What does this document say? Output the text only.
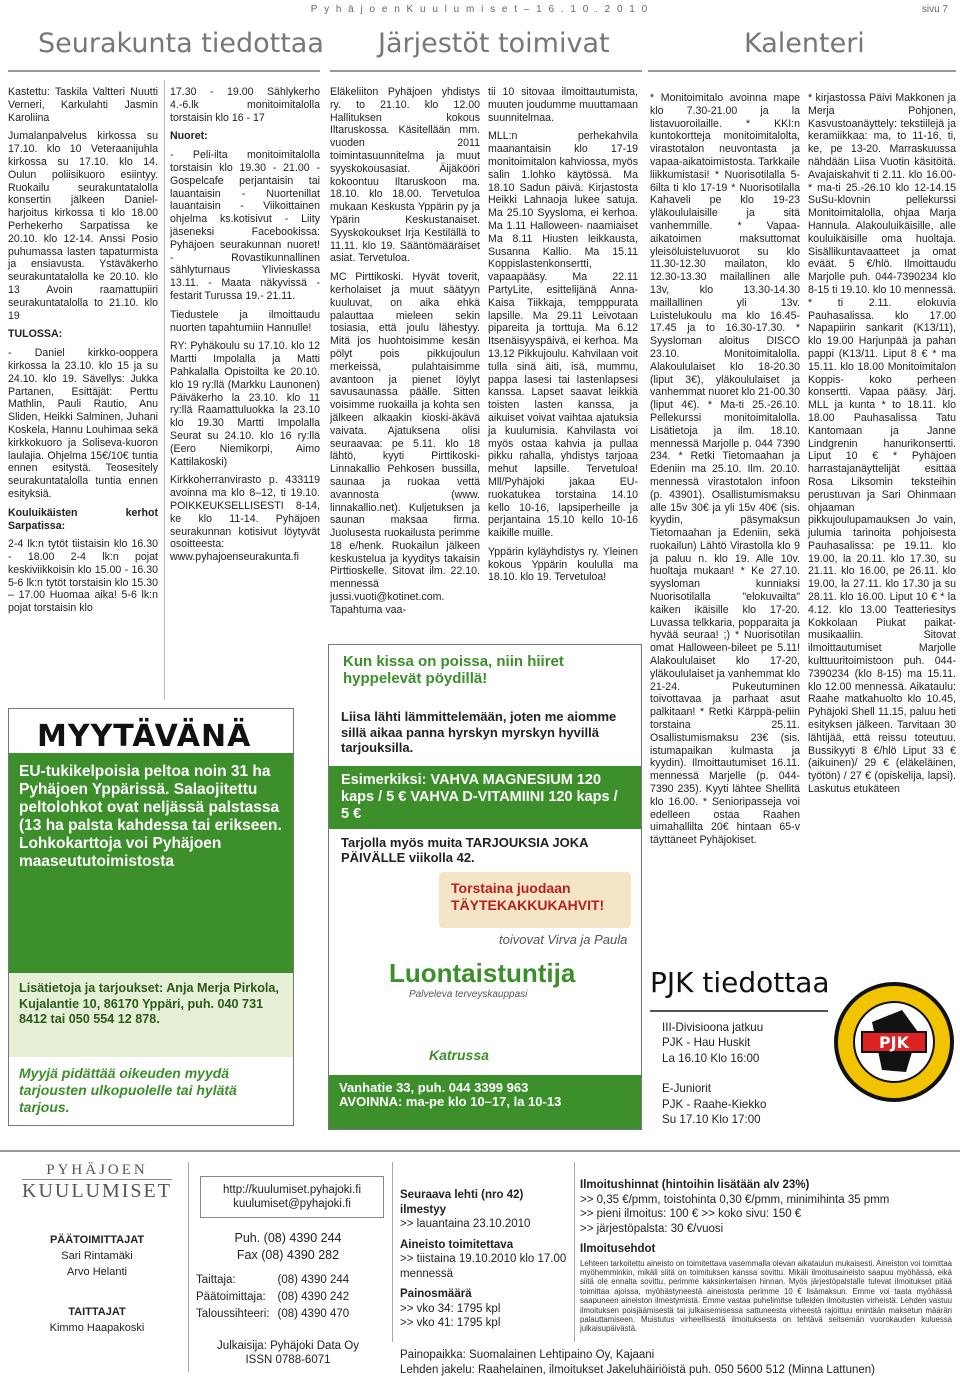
P y h ä j o e n K u u l u m i s e t – 1 6 . 1 0 . 2 0 1 0	sivu 7
Seurakunta tiedottaa Järjestöt toimivat	Kalenteri

Kastettu: Taskila Valtteri Nuutti Verneri, Karkulahti Jasmin Karoliina

Jumalanpalvelus kirkossa su 17.10. klo 10 Veteraanijuhla kirkossa su 17.10. klo 14. Oulun poliisikuoro esiintyy. Ruokailu seurakuntatalolla konsertin jälkeen Daniel-harjoitus kirkossa ti klo 18.00 Perhekerho Sarpatissa ke 20.10. klo 12-14. Anssi Posio puhumassa lasten tapaturmista ja ensiavusta. Ystäväkerho seurakuntatalolla ke 20.10. klo 13 Avoin raamattupiiri seurakuntatalolla to 21.10. klo 19

TULOSSA:

- Daniel kirkko-ooppera kirkossa la 23.10. klo 15 ja su 24.10. klo 19. Sävellys: Jukka Partanen, Esittäjät: Perttu Mathlin, Pauli Rautio, Anu Sliden, Heikki Salminen, Juhani Koskela, Hannu Louhimaa sekä kirkkokuoro ja Soliseva-kuoron laulajia. Ohjelma 15€/10€ tuntia ennen esitystä. Teosesitely seurakuntatalolla tuntia ennen esityksiä.

Kouluikäisten kerhot Sarpatissa:

2-4 lk:n tytöt tiistaisin klo 16.30 - 18.00 2-4 lk:n pojat keskiviikkoisin klo 15.00 - 16.30 5-6 lk:n tytöt torstaisin klo 15.30 – 17.00 Huomaa aika! 5-6 lk:n pojat torstaisin klo

17.30 - 19.00 Sählykerho 4.-6.lk monitoimitalolla torstaisin klo 16 - 17

Nuoret:

- Peli-ilta monitoimitalolla torstaisin klo 19.30 - 21.00 - Gospelcafe perjantaisin tai lauantaisin - Nuortenillat lauantaisin - Viikoittainen ohjelma ks.kotisivut - Liity jäseneksi Facebookissa: Pyhäjoen seurakunnan nuoret! - Rovastikunnallinen sählyturnaus Ylivieskassa 13.11. - Maata näkyvissä -festarit Turussa 19.- 21.11.

Tiedustele ja ilmoittaudu nuorten tapahtumiin Hannulle!

RY: Pyhäkoulu su 17.10. klo 12 Martti Impolalla ja Matti Pahkalalla Opistoilta ke 20.10. klo 19 ry:llä (Markku Launonen) Päiväkerho la 23.10. klo 11 ry:llä Raamattuluokka la 23.10 klo 19.30 Martti Impolalla Seurat su 24.10. klo 16 ry:llä (Eero Niemikorpi, Aimo Kattilakoski)

Kirkkoherranvirasto p. 433119 avoinna ma klo 8–12, ti 19.10. POIKKEUKSELLISESTI 8-14, ke klo 11-14. Pyhäjoen seurakunnan kotisivut löytyvät osoitteesta: www.pyhajoenseurakunta.fi

Eläkeliiton Pyhäjoen yhdistys ry. to 21.10. klo 12.00 Hallituksen kokous Iltaruskossa. Käsitellään mm. vuoden 2011 toimintasuunnitelma ja muut syyskokousasiat. Äijäkööri kokoontuu Iltaruskoon ma. 18.10. klo 18.00. Tervetuloa mukaan Keskusta Yppärin py ja Ypärin Keskustanaiset. Syyskokoukset Irja Kestilällä to 11.11. klo 19. Sääntömääräiset asiat. Tervetuloa.

MC Pirttikoski. Hyvät toverit, kerholaiset ja muut säätyyn kuuluvat, on aika ehkä palauttaa mieleen sekin tosiasia, että joulu lähestyy. Mitä jos huohtoisimme kesän pölyt pois pikkujoulun merkeissä, pulahtaisimme avantoon ja pienet löylyt savusaunassa päälle. Sitten voisimme ruokailla ja kohta sen jälkeen alkaakin kioski-äkävä vaivata. Ajatuksena olisi seuraavaa: pe 5.11. klo 18 lähtö, kyyti Pirttikoski-Linnakallio Pehkosen bussilla, saunaa ja ruokaa vettä avannosta (www. linnakallio.net). Kuljetuksen ja saunan maksaa firma. Juolusesta ruokailusta perimme 18 e/henk. Ruokailun jälkeen keskustelua ja kyyditys takaisin Pirttioskelle. Sitovat ilm. 22.10. mennessä jussi.vuoti@kotinet.com. Tapahtuma vaa-

tii 10 sitovaa ilmoittautumista, muuten joudumme muuttamaan suunnitelmaa.

MLL:n perhekahvila maanantaisin klo 17-19 monitoimitalon kahviossa, myös salin 1.lohko käytössä. Ma 18.10 Sadun päivä. Kirjastosta Heikki Lahnaoja lukee satuja. Ma 25.10 Syysloma, ei kerhoa. Ma 1.11 Halloween- naamiaiset Ma 8.11 Hiusten leikkausta, Susanna Kallio. Ma 15.11 Koppislastenkonsertti, vapaapääsy. Ma 22.11 PartyLite, esittelijänä Anna- Kaisa Tiikkaja, tempppurata lapsille. Ma 29.11 Leivotaan pipareita ja torttuja. Ma 6.12 Itsenäisyyspäivä, ei kerhoa. Ma 13.12 Pikkujoulu. Kahvilaan voit tulla sinä äiti, isä, mummu, pappa lasesi tai lastenlapsesi kanssa. Lapset saavat leikkiä toisten lasten kanssa, ja aikuiset voivat vaihtaa ajatuksia ja kuulumisia. Kahvilasta voi myös ostaa kahvia ja pullaa pikku rahalla, yhdistys tarjoaa mehut lapsille. Tervetuloa! Mll/Pyhäjoki jakaa EU-ruokatukea torstaina 14.10 kello 10-16, lapsiperheille ja perjantaina 15.10 kello 10-16 kaikille muille.

Yppärin kyläyhdistys ry. Yleinen kokous Yppärin koululla ma 18.10. klo 19. Tervetuloa!

* Monitoimitalo avoinna mape klo 7.30-21.00 ja la listavuoroilaille. * KKI:n kuntokortteja monitoimitalolta, virastotalon neuvontasta ja vapaa-aikatoimistosta. Tarkkaile liikkumistasi! * Nuorisotilalla 5-6ilta ti klo 17-19 * Nuorisotilalla Kahaveli pe klo 19-23 yläkoululaisille ja sitä vanhemmille. * Vapaa-aikatoimen maksuttomat yleisöluisteluvuorot su klo 11.30-12.30 mailaton, klo 12.30-13.30 mailallinen alle 13v, klo 13.30-14.30 maillallinen yli 13v. Luistelukoulu ma klo 16.45-17.45 ja to 16.30-17.30. * Syysloman aloitus DISCO 23.10. Monitoimitalolla. Alakoululaiset klo 18-20.30 (liput 3€), yläkoululaiset ja vanhemmat nuoret klo 21-00.30 (liput 4€). * Ma-ti 25.-26.10. Pellekurssi monitoimitalolla. Lisätietoja ja ilm. 18.10. mennessä Marjolle p. 044 7390 234. * Retki Tietomaahan ja Edeniin ma 25.10. Ilm. 20.10. mennessä virastotalon infoon (p. 43901). Osallistumismaksu alle 15v 30€ ja yli 15v 40€ (sis. kyydin, päsymaksun Tietomaahan ja Edeniin, sekä ruokailun) Lähtö Virastolla klo 9 ja paluu n. klo 19. Alle 10v. huoltaja mukaan! * Ke 27.10. syysloman kunniaksi Nuorisotilalla "elokuvailta" kaiken ikäisille klo 17-20. Luvassa telkkaria, popparaita ja hyvää seuraa! ;) * Nuorisotilan omat Halloween-bileet pe 5.11! Alakoululaiset klo 17-20, yläkoululaiset ja vanhemmat klo 21-24. Pukeutuminen toivottavaa ja parhaat asut palkitaan! * Retki Kärppä-peliin torstaina 25.11. Osallistumismaksu 23€ (sis. istumapaikan kulmasta ja kyydin). Ilmoittautumiset 16.11. mennessä Marjelle (p. 044-7390 235). Kyyti lähtee Shellitä klo 16.00. * Senioripasseja voi edelleen ostaa Raahen uimahallilta 20€ hintaan 65-v täyttäneet Pyhäjokiset.

* kirjastossa Päivi Makkonen ja Merja Pohjonen, Kasvustoanäyttely: tekstiilejä ja keramiikkaa: ma, to 11-16, ti, ke, pe 13-20. Marraskuussa nähdään Liisa Vuotin käsitöitä. Avajaiskahvit ti 2.11. klo 16.00- * ma-ti 25.-26.10 klo 12-14.15 SuSu-klovnin pellekurssi Monitoimitalolla, ohjaa Marja Hannula. Alakouluikäisille, alle kouluikäisille oma huoltaja. Sisällikuntavaatteet ja omat eväät. 5 €/hlö. Ilmoittaudu Marjolle puh. 044-7390234 klo 8-15 ti 19.10. klo 10 mennessä. * ti 2.11. elokuvia Pauhasalissa. klo 17.00 Napapiirin sankarit (K13/11), klo 19.00 Harjunpää ja pahan pappi (K13/11. Liput 8 € * ma 15.11. klo 18.00 Monitoimitalon Koppis- koko perheen konsertti. Vapaa pääsy. Järj. MLL ja kunta * to 18.11. klo 18.00 Pauhasalissa Tatu Kantomaan ja Janne Lindgrenin hanurikonsertti. Liput 10 € * Pyhäjoen harrastajanäyttelijät esittää Rosa Liksomin teksteihin perustuvan ja Sari Ohinmaan ohjaaman pikkujoulupamauksen Jo vain, julumia tarinoita pohjoisesta Pauhasalissa: pe 19.11. klo 19.00, la 20.11. klo 17.30, su 21.11. klo 16.00, pe 26.11. klo 19.00, la 27.11. klo 17.30 ja su 28.11. klo 16.00. Liput 10 € * la 4.12. klo 13.00 Teatteriesitys Kokkolaan Piukat paikat-musikaaliin. Sitovat ilmoittautumiset Marjolle kulttuuritoimistoon puh. 044-7390234 (klo 8-15) ma 15.11. klo 12.00 mennessä. Aikataulu: Raahe matkahuolto klo 10.45, Pyhäjoki Shell 11.15, paluu heti esityksen jälkeen. Tarvitaan 30 lähtijää, että reissu toteutuu. Bussikyyti 8 €/hlö Liput 33 € (aikuinen)/ 29 € (eläkeläinen, työtön) / 27 € (opiskelija, lapsi). Laskutus etukäteen

MYYTÄVÄNÄ
EU-tukikelpoisia peltoa noin 31 ha Pyhäjoen Yppärissä. Salaojitettu peltolohkot ovat neljässä palstassa (13 ha palsta kahdessa tai erikseen. Lohkokarttoja voi Pyhäjoen maaseututoimistosta
Lisätietoja ja tarjoukset: Anja Merja Pirkola, Kujalantie 10, 86170 Yppäri, puh. 040 731 8412 tai 050 554 12 878.
Myyjä pidättää oikeuden myydä tarjousten ulkopuolelle tai hylätä tarjous.
Kun kissa on poissa, niin hiiret hyppelevät pöydillä!
Liisa lähti lämmittelemään, joten me aiomme sillä aikaa panna hyrskyn myrskyn hyvillä tarjouksilla.
Esimerkiksi: VAHVA MAGNESIUM 120 kaps / 5 € VAHVA D-VITAMIINI 120 kaps / 5 €
Tarjolla myös muita TARJOUKSIA JOKA PÄIVÄLLE viikolla 42.
Torstaina juodaan TÄYTEKAKKUKAHVIT!
toivovat Virva ja Paula
Luontaistuntija
Palveleva terveyskauppasi
Katrussa
Vanhatie 33, puh. 044 3399 963
AVOINNA: ma-pe klo 10–17, la 10-13
PJK tiedottaa
III-Divisioona jatkuu
PJK - Hau Huskit
La 16.10 Klo 16:00
E-Juniorit
PJK - Raahe-Kiekko
Su 17.10 Klo 17:00
PJK
PYHÄJOEN
KUULUMISET
PÄÄTOIMITTAJAT
Sari Rintamäki
Arvo Helanti
TAITTAJAT
Kimmo Haapakoski
http://kuulumiset.pyhajoki.fi
kuulumiset@pyhajoki.fi
Puh. (08) 4390 244
Fax (08) 4390 282
Taittaja:	(08) 4390 244
Päätoimittaja:	(08) 4390 242
Taloussihteeri:	(08) 4390 470
Julkaisija: Pyhäjoki Data Oy
ISSN 0788-6071
Seuraava lehti (nro 42) ilmestyy
>> lauantaina 23.10.2010
Aineisto toimitettava
>> tiistaina 19.10.2010 klo 17.00 mennessä
Painosmäärä
>> vko 34: 1795 kpl
>> vko 41: 1795 kpl
Ilmoitushinnat (hintoihin lisätään alv 23%)
>> 0,35 €/pmm, toistohinta 0,30 €/pmm, minimihinta 35 pmm
>> pieni ilmoitus: 100 € >> koko sivu: 150 €
>> järjestöpalsta: 30 €/vuosi
Ilmoitusehdot
Lehteen tarkoitettu aineisto on toimitettava vasemmalla olevan aikataulun mukaisesti. Aineiston voi toimittaa myöhemminkin, mikäli siitä on toimituksen kanssa sovittu. Mikäli ilmoitusaineisto saapuu myöhässä, eikä siitä ole ennalta sovittu, perimme kaksinkertaisen hinnan. Myös järjestöpalstalle tulevat ilmoitukset pitää toimittaa ajoissa, myöhästyneestä aineistosta perimme 10 € lisämaksun. Emme voi taata myöhässä saapuneen aineiston ilmestymistä. Emme vastaa puhelimitse tulleiden ilmoitusten virheistä. Lehden vastuu ilmoituksen poisjäämisestä tai julkaisemisessa sattuneesta virheestä rajoittuu enintään maksetun määrän palauttamiseen. Muistutus virheellisestä ilmoituksesta on tehtävä seitsemän vuorokauden kuluessa julkaisupäivästä.
Painopaikka: Suomalainen Lehtipaino Oy, Kajaani
Lehden jakelu: Raahelainen, ilmoitukset Jakeluhäiriöistä puh. 050 5600 512 (Minna Lattunen)
